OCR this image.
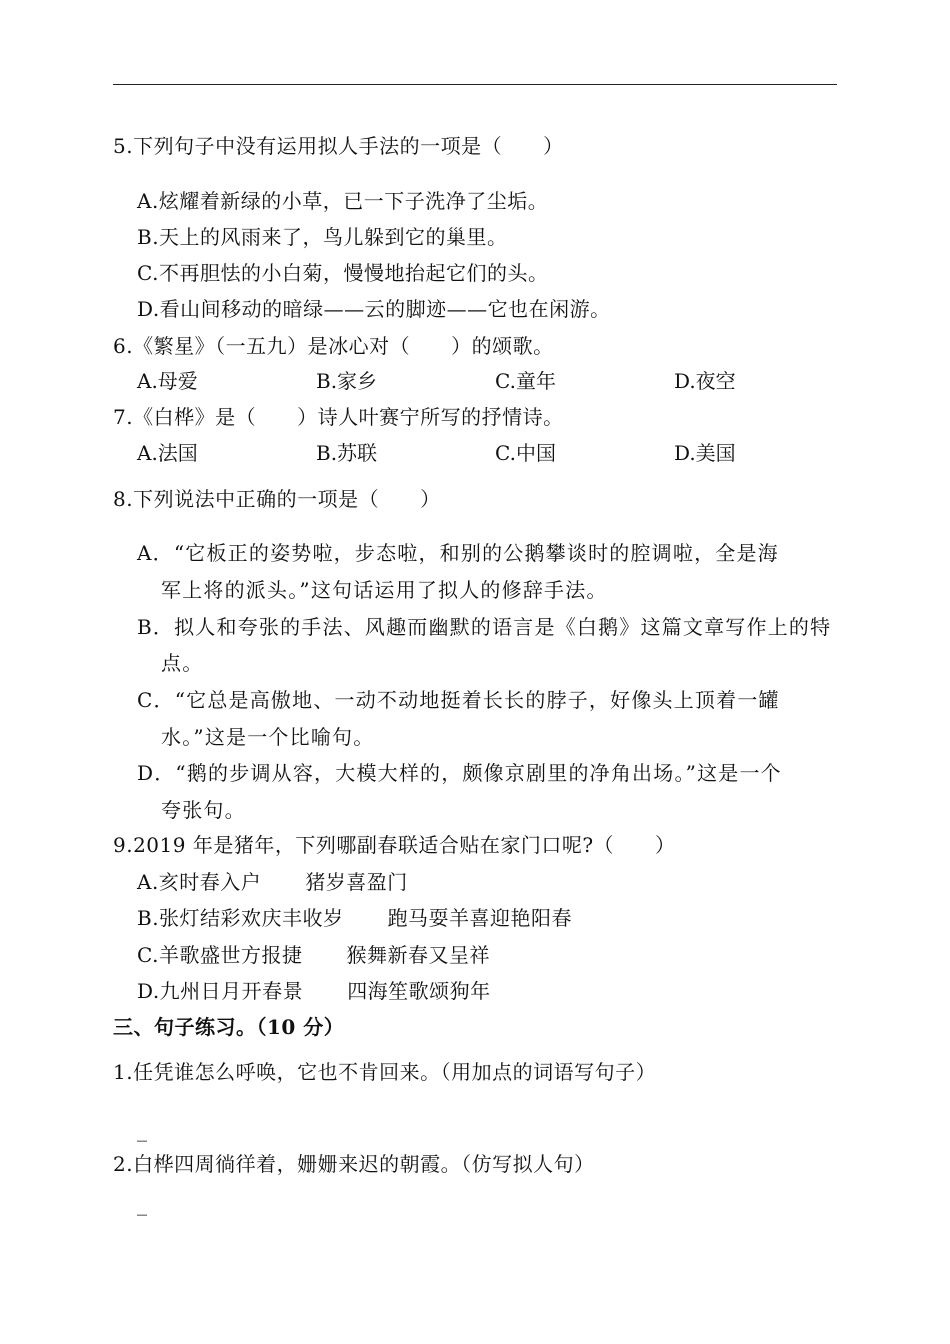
5.下列句子中没有运用拟人手法的一项是（　　）
A.炫耀着新绿的小草，已一下子洗净了尘垢。
B.天上的风雨来了，鸟儿躲到它的巢里。
C.不再胆怯的小白菊，慢慢地抬起它们的头。
D.看山间移动的暗绿——云的脚迹——它也在闲游。
6.《繁星》（一五九）是冰心对（　　）的颂歌。
A.母爱	B.家乡	C.童年	D.夜空
7.《白桦》是（　　）诗人叶赛宁所写的抒情诗。
A.法国	B.苏联	C.中国	D.美国
8.下列说法中正确的一项是（　　）
A．“它板正的姿势啦，步态啦，和别的公鹅攀谈时的腔调啦，全是海
军上将的派头。”这句话运用了拟人的修辞手法。
B．拟人和夸张的手法、风趣而幽默的语言是《白鹅》这篇文章写作上的特
点。
C．“它总是高傲地、一动不动地挺着长长的脖子，好像头上顶着一罐
水。”这是一个比喻句。
D．“鹅的步调从容，大模大样的，颇像京剧里的净角出场。”这是一个
夸张句。
9.2019 年是猪年，下列哪副春联适合贴在家门口呢?（　　）
A.亥时春入户 猪岁喜盈门
B.张灯结彩欢庆丰收岁 跑马耍羊喜迎艳阳春
C.羊歌盛世方报捷 猴舞新春又呈祥
D.九州日月开春景 四海笙歌颂狗年
三、句子练习。（10 分）
1.任凭谁怎么呼唤，它也不肯回来。（用加点的词语写句子）
_
2.白桦四周徜徉着，姗姗来迟的朝霞。（仿写拟人句）
_
